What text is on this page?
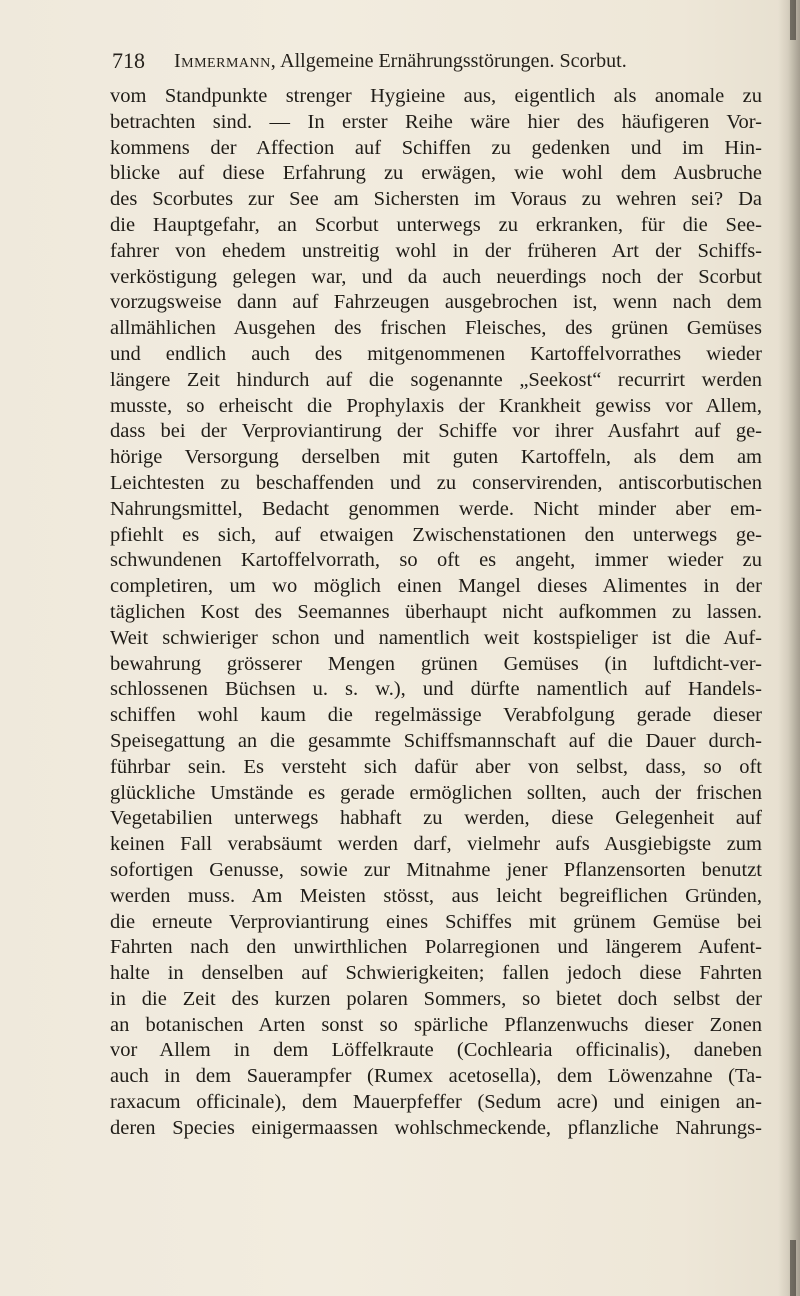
718 Immermann, Allgemeine Ernährungsstörungen. Scorbut.
vom Standpunkte strenger Hygieine aus, eigentlich als anomale zu
betrachten sind. — In erster Reihe wäre hier des häufigeren Vor-
kommens der Affection auf Schiffen zu gedenken und im Hin-
blicke auf diese Erfahrung zu erwägen, wie wohl dem Ausbruche
des Scorbutes zur See am Sichersten im Voraus zu wehren sei? Da
die Hauptgefahr, an Scorbut unterwegs zu erkranken, für die See-
fahrer von ehedem unstreitig wohl in der früheren Art der Schiffs-
verköstigung gelegen war, und da auch neuerdings noch der Scorbut
vorzugsweise dann auf Fahrzeugen ausgebrochen ist, wenn nach dem
allmählichen Ausgehen des frischen Fleisches, des grünen Gemüses
und endlich auch des mitgenommenen Kartoffelvorrathes wieder
längere Zeit hindurch auf die sogenannte „Seekost“ recurrirt werden
musste, so erheischt die Prophylaxis der Krankheit gewiss vor Allem,
dass bei der Verproviantirung der Schiffe vor ihrer Ausfahrt auf ge-
hörige Versorgung derselben mit guten Kartoffeln, als dem am
Leichtesten zu beschaffenden und zu conservirenden, antiscorbutischen
Nahrungsmittel, Bedacht genommen werde. Nicht minder aber em-
pfiehlt es sich, auf etwaigen Zwischenstationen den unterwegs ge-
schwundenen Kartoffelvorrath, so oft es angeht, immer wieder zu
completiren, um wo möglich einen Mangel dieses Alimentes in der
täglichen Kost des Seemannes überhaupt nicht aufkommen zu lassen.
Weit schwieriger schon und namentlich weit kostspieliger ist die Auf-
bewahrung grösserer Mengen grünen Gemüses (in luftdicht-ver-
schlossenen Büchsen u. s. w.), und dürfte namentlich auf Handels-
schiffen wohl kaum die regelmässige Verabfolgung gerade dieser
Speisegattung an die gesammte Schiffsmannschaft auf die Dauer durch-
führbar sein. Es versteht sich dafür aber von selbst, dass, so oft
glückliche Umstände es gerade ermöglichen sollten, auch der frischen
Vegetabilien unterwegs habhaft zu werden, diese Gelegenheit auf
keinen Fall verabsäumt werden darf, vielmehr aufs Ausgiebigste zum
sofortigen Genusse, sowie zur Mitnahme jener Pflanzensorten benutzt
werden muss. Am Meisten stösst, aus leicht begreiflichen Gründen,
die erneute Verproviantirung eines Schiffes mit grünem Gemüse bei
Fahrten nach den unwirthlichen Polarregionen und längerem Aufent-
halte in denselben auf Schwierigkeiten; fallen jedoch diese Fahrten
in die Zeit des kurzen polaren Sommers, so bietet doch selbst der
an botanischen Arten sonst so spärliche Pflanzenwuchs dieser Zonen
vor Allem in dem Löffelkraute (Cochlearia officinalis), daneben
auch in dem Sauerampfer (Rumex acetosella), dem Löwenzahne (Ta-
raxacum officinale), dem Mauerpfeffer (Sedum acre) und einigen an-
deren Species einigermaassen wohlschmeckende, pflanzliche Nahrungs-
